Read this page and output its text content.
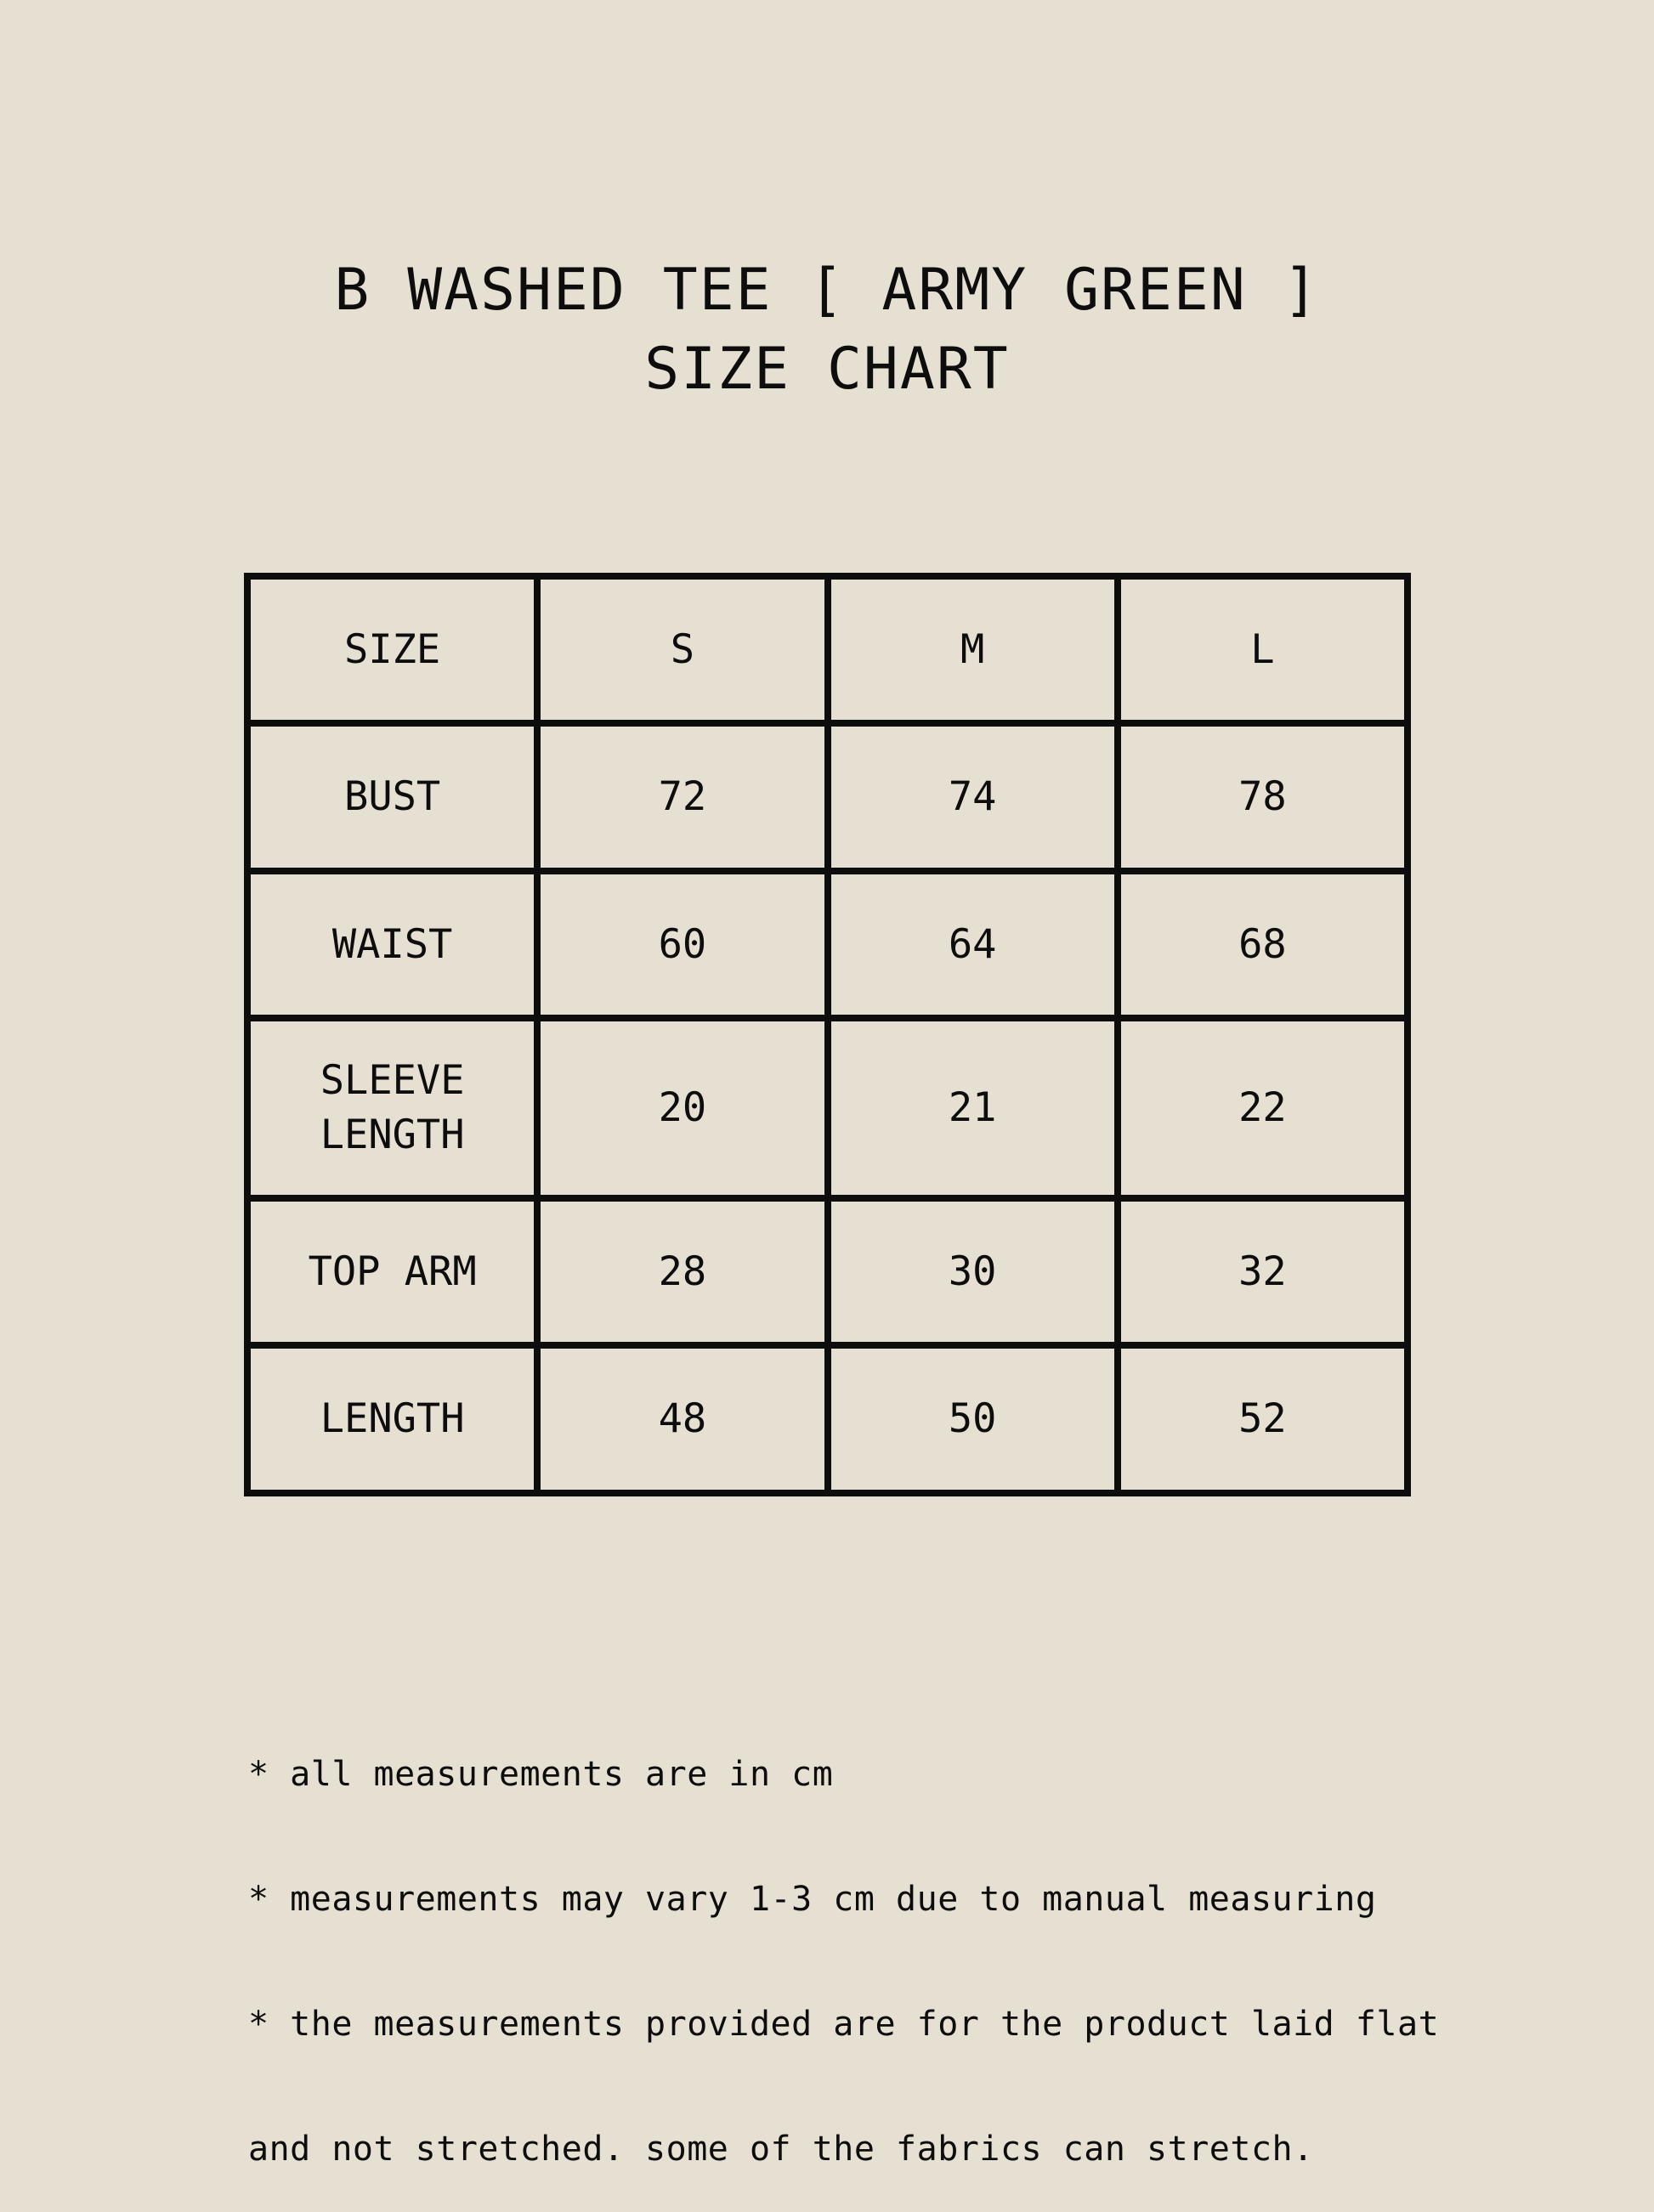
B WASHED TEE [ ARMY GREEN ]
SIZE CHART
SIZE	S	M	L
BUST	72	74	78
WAIST	60	64	68

SLEEVE
LENGTH	20	21	22
TOP ARM	28	30	32
LENGTH	48	50	52

* all measurements are in cm

* measurements may vary 1-3 cm due to manual measuring

* the measurements provided are for the product laid flat

and not stretched. some of the fabrics can stretch.
